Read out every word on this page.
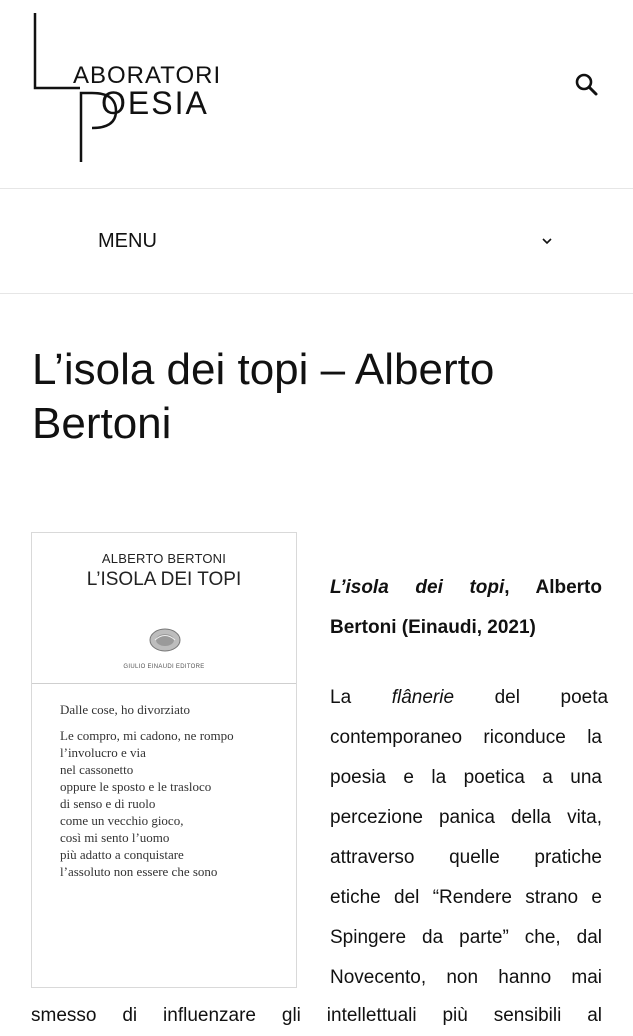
ABORATORI
OESIA
MENU
L’isola dei topi – Alberto Bertoni
ALBERTO BERTONI
L’ISOLA DEI TOPI
GIULIO EINAUDI EDITORE
Dalle cose, ho divorziato
Le compro, mi cadono, ne rompo
l’involucro e via
nel cassonetto
oppure le sposto e le trasloco
di senso e di ruolo
come un vecchio gioco,
così mi sento l’uomo
più adatto a conquistare
l’assoluto non essere che sono
L’isola dei topi, Alberto
Bertoni (Einaudi, 2021)
La flânerie del poeta
contemporaneo riconduce la
poesia e la poetica a una
percezione panica della vita,
attraverso quelle pratiche
etiche del “Rendere strano e
Spingere da parte” che, dal
Novecento, non hanno mai
smesso di influenzare gli intellettuali più sensibili al
